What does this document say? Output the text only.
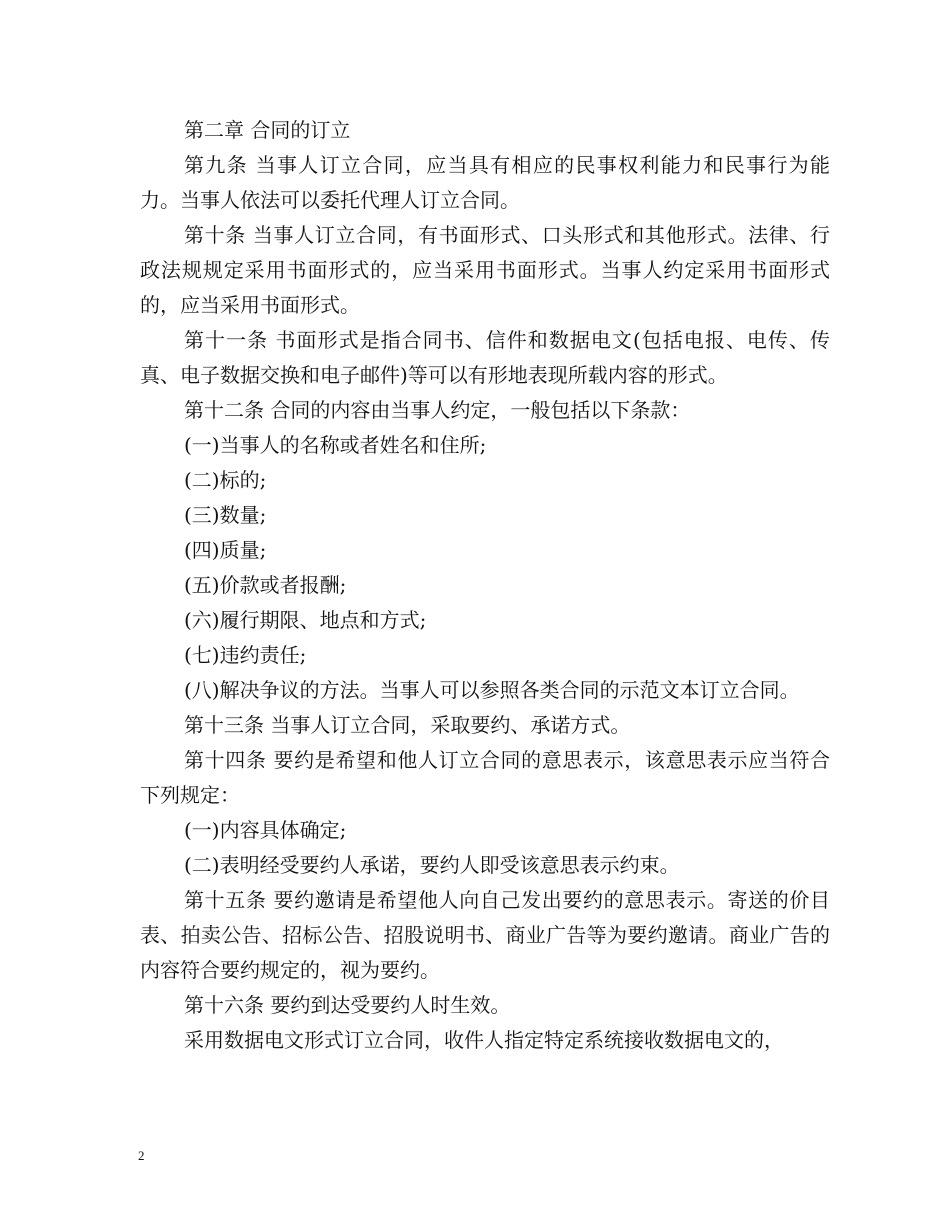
第二章 合同的订立

第九条 当事人订立合同，应当具有相应的民事权利能力和民事行为能力。当事人依法可以委托代理人订立合同。

第十条 当事人订立合同，有书面形式、口头形式和其他形式。法律、行政法规规定采用书面形式的，应当采用书面形式。当事人约定采用书面形式的，应当采用书面形式。

第十一条 书面形式是指合同书、信件和数据电文(包括电报、电传、传真、电子数据交换和电子邮件)等可以有形地表现所载内容的形式。

第十二条 合同的内容由当事人约定，一般包括以下条款：

(一)当事人的名称或者姓名和住所;

(二)标的;

(三)数量;

(四)质量;

(五)价款或者报酬;

(六)履行期限、地点和方式;

(七)违约责任;

(八)解决争议的方法。当事人可以参照各类合同的示范文本订立合同。

第十三条 当事人订立合同，采取要约、承诺方式。

第十四条 要约是希望和他人订立合同的意思表示，该意思表示应当符合下列规定：

(一)内容具体确定;

(二)表明经受要约人承诺，要约人即受该意思表示约束。

第十五条 要约邀请是希望他人向自己发出要约的意思表示。寄送的价目表、拍卖公告、招标公告、招股说明书、商业广告等为要约邀请。商业广告的内容符合要约规定的，视为要约。

第十六条 要约到达受要约人时生效。

采用数据电文形式订立合同，收件人指定特定系统接收数据电文的，

2
